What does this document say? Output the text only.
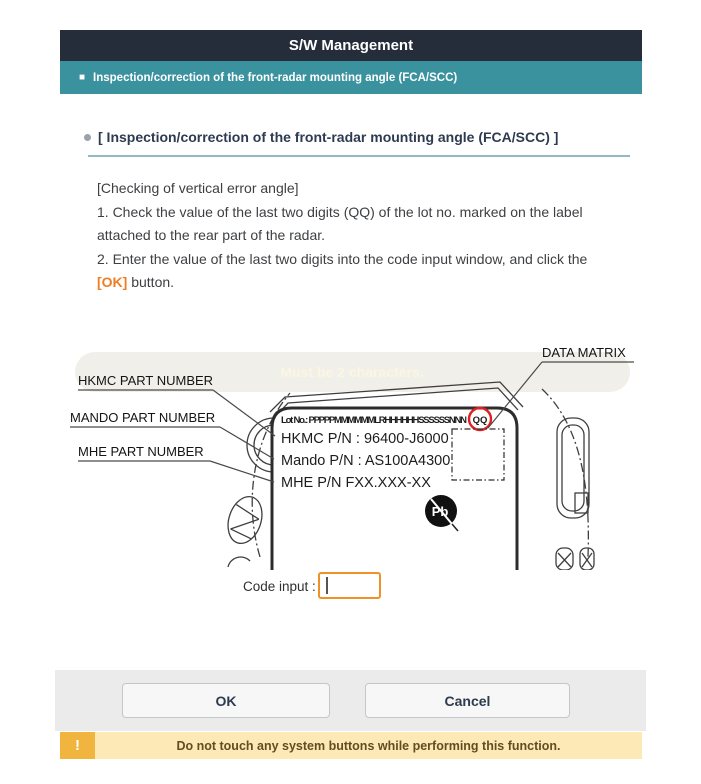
S/W Management
■ Inspection/correction of the front-radar mounting angle (FCA/SCC)
[ Inspection/correction of the front-radar mounting angle (FCA/SCC) ]

[Checking of vertical error angle]

1. Check the value of the last two digits (QQ) of the lot no. marked on the label attached to the rear part of the radar.

2. Enter the value of the last two digits into the code input window, and click the [OK] button.

Must be 2 characters.
Lot No.: PPPPPMMMMMMLRHHHHHHSSSSSSNNN QQ
HKMC P/N : 96400-J6000
Mando P/N : AS100A4300
MHE P/N FXX.XXX-XX
Pb
HKMC PART NUMBER
MANDO PART NUMBER
MHE PART NUMBER
DATA MATRIX
Code input :
OK	Cancel
!	Do not touch any system buttons while performing this function.
